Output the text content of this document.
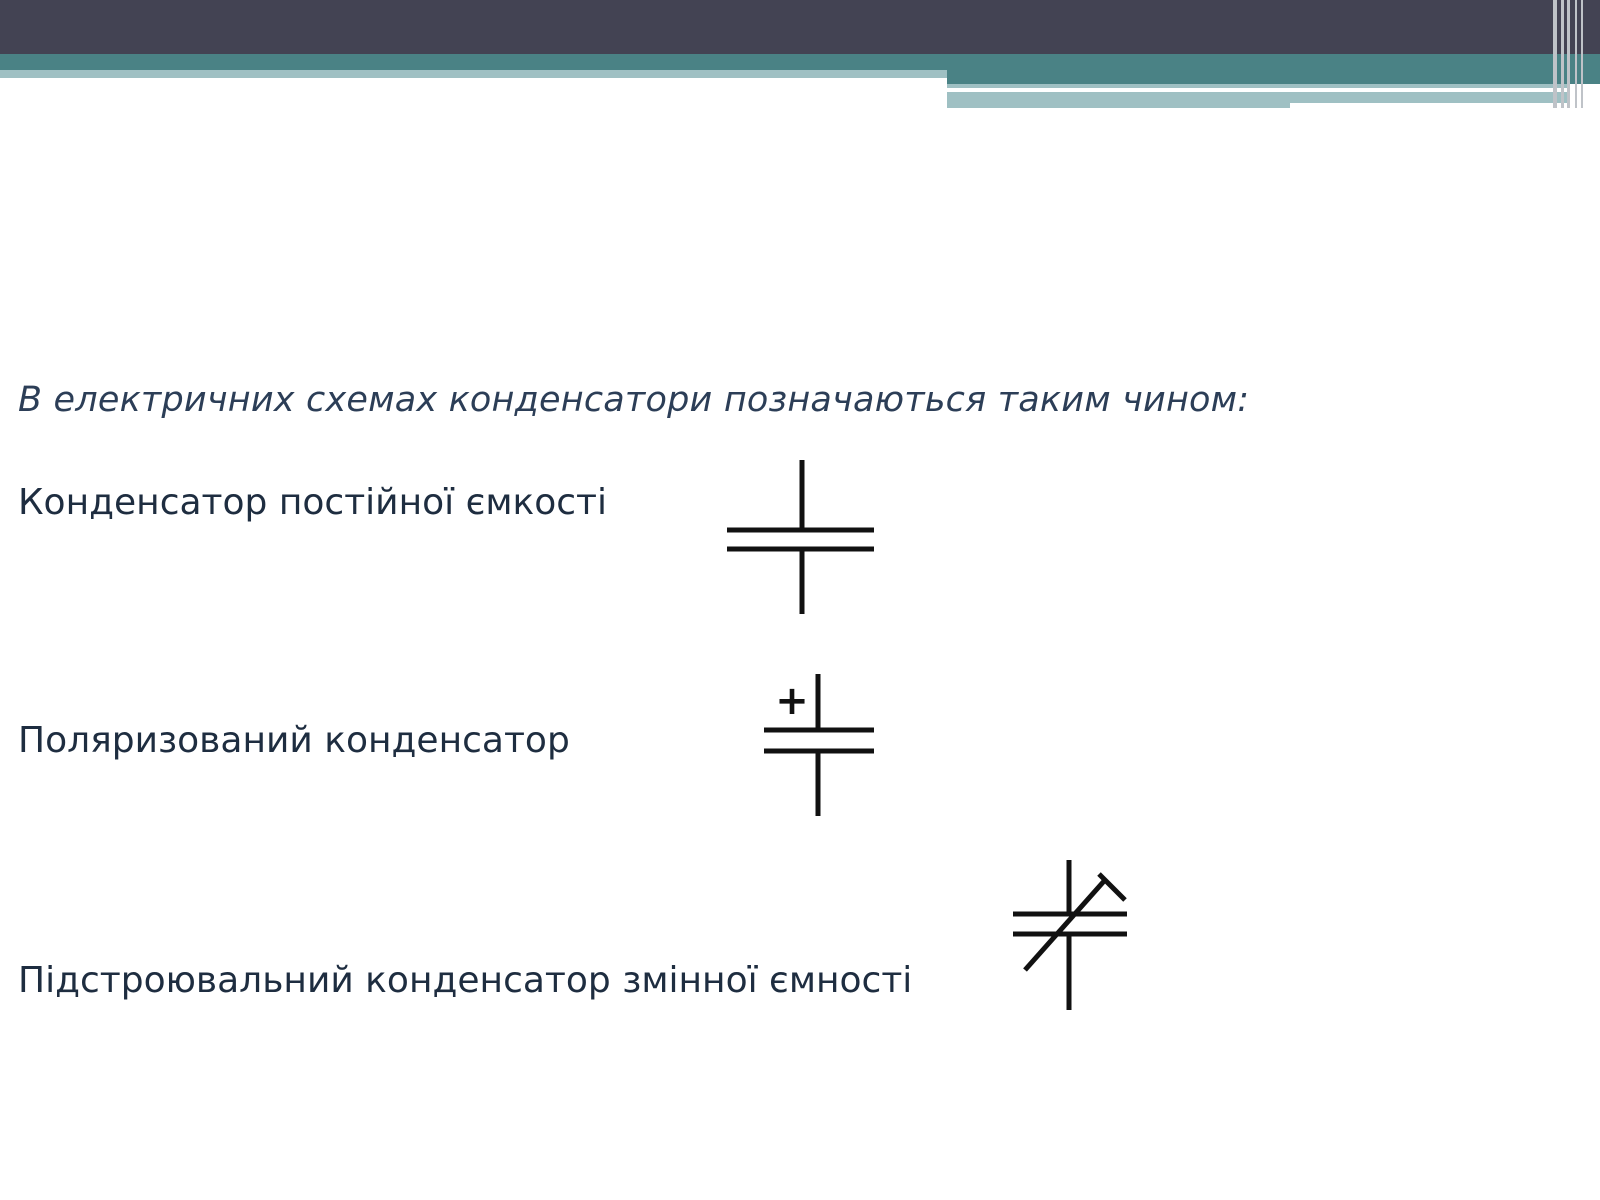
В електричних схемах конденсатори позначаються таким чином:
Конденсатор постійної ємкості
Поляризований конденсатор
+
Підстроювальний конденсатор змінної ємності
